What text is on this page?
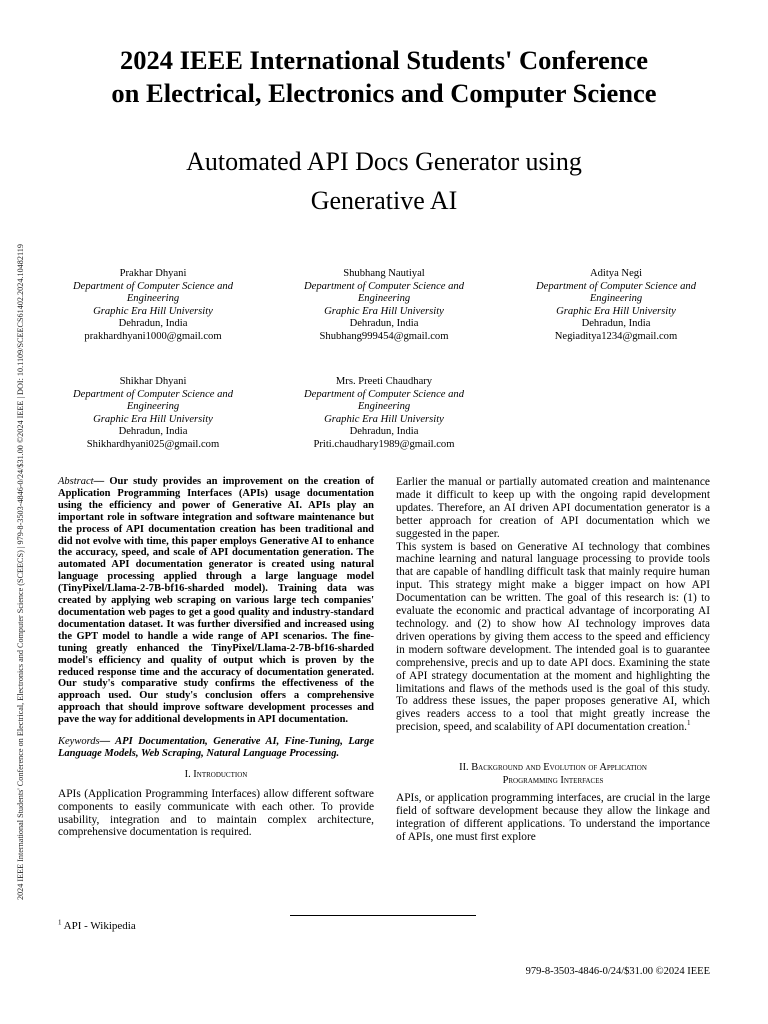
2024 IEEE International Students' Conference on Electrical, Electronics and Computer Science (SCEECS) | 979-8-3503-4846-0/24/$31.00 ©2024 IEEE | DOI: 10.1109/SCEECS61402.2024.10482119
2024 IEEE International Students' Conference
on Electrical, Electronics and Computer Science
Automated API Docs Generator using
Generative AI
Prakhar Dhyani
Department of Computer Science and
Engineering
Graphic Era Hill University
Dehradun, India
prakhardhyani1000@gmail.com
Shubhang Nautiyal
Department of Computer Science and
Engineering
Graphic Era Hill University
Dehradun, India
Shubhang999454@gmail.com
Aditya Negi
Department of Computer Science and
Engineering
Graphic Era Hill University
Dehradun, India
Negiaditya1234@gmail.com
Shikhar Dhyani
Department of Computer Science and
Engineering
Graphic Era Hill University
Dehradun, India
Shikhardhyani025@gmail.com
Mrs. Preeti Chaudhary
Department of Computer Science and
Engineering
Graphic Era Hill University
Dehradun, India
Priti.chaudhary1989@gmail.com

Abstract— Our study provides an improvement on the creation of Application Programming Interfaces (APIs) usage documentation using the efficiency and power of Generative AI. APIs play an important role in software integration and software maintenance but the process of API documentation creation has been traditional and did not evolve with time, this paper employs Generative AI to enhance the accuracy, speed, and scale of API documentation generation. The automated API documentation generator is created using natural language processing applied through a large language model (TinyPixel/Llama-2-7B-bf16-sharded model). Training data was created by applying web scraping on various large tech companies' documentation web pages to get a good quality and industry-standard documentation dataset. It was further diversified and increased using the GPT model to handle a wide range of API scenarios. The fine-tuning greatly enhanced the TinyPixel/Llama-2-7B-bf16-sharded model's efficiency and quality of output which is proven by the reduced response time and the accuracy of documentation generated. Our study's comparative study confirms the effectiveness of the approach used. Our study's conclusion offers a comprehensive approach that should improve software development processes and pave the way for additional developments in API documentation.

Keywords— API Documentation, Generative AI, Fine-Tuning, Large Language Models, Web Scraping, Natural Language Processing.

I. Introduction

APIs (Application Programming Interfaces) allow different software components to easily communicate with each other. To provide usability, integration and to maintain complex architecture, comprehensive documentation is required.

Earlier the manual or partially automated creation and maintenance made it difficult to keep up with the ongoing rapid development updates. Therefore, an AI driven API documentation generator is a better approach for creation of API documentation which we suggested in the paper.

This system is based on Generative AI technology that combines machine learning and natural language processing to provide tools that are capable of handling difficult task that mainly require human input. This strategy might make a bigger impact on how API Documentation can be written. The goal of this research is: (1) to evaluate the economic and practical advantage of incorporating AI technology. and (2) to show how AI technology improves data driven operations by giving them access to the speed and efficiency in modern software development. The intended goal is to guarantee comprehensive, precis and up to date API docs. Examining the state of API strategy documentation at the moment and highlighting the limitations and flaws of the methods used is the goal of this study. To address these issues, the paper proposes generative AI, which gives readers access to a tool that might greatly increase the precision, speed, and scalability of API documentation creation.$^1$

II. Background and Evolution of Application
Programming Interfaces

APIs, or application programming interfaces, are crucial in the large field of software development because they allow the linkage and integration of different applications. To understand the importance of APIs, one must first explore

$^1$ API - Wikipedia
979-8-3503-4846-0/24/$31.00 ©2024 IEEE
